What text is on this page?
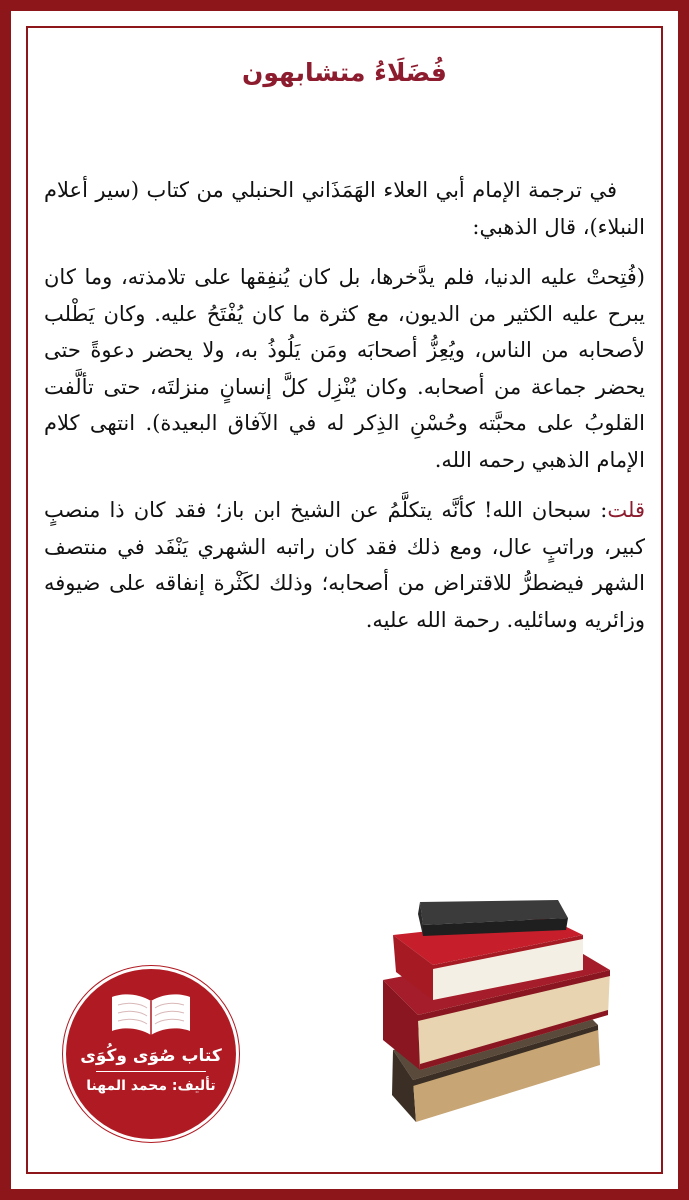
فُضَلَاءُ متشابهون

في ترجمة الإمام أبي العلاء الهَمَذَاني الحنبلي من كتاب (سير أعلام النبلاء)، قال الذهبي:

(فُتِحتْ عليه الدنيا، فلم يدَّخرها، بل كان يُنفِقها على تلامذته، وما كان يبرح عليه الكثير من الديون، مع كثرة ما كان يُفْتَحُ عليه. وكان يَطْلب لأصحابه من الناس، ويُعِزُّ أصحابَه ومَن يَلُوذُ به، ولا يحضر دعوةً حتى يحضر جماعة من أصحابه. وكان يُنْزِل كلَّ إنسانٍ منزلتَه، حتى تألَّفت القلوبُ على محبَّته وحُسْنِ الذِكر له في الآفاق البعيدة). انتهى كلام الإمام الذهبي رحمه الله.

قلت: سبحان الله! كأنَّه يتكلَّمُ عن الشيخ ابن باز؛ فقد كان ذا منصبٍ كبير، وراتبٍ عال، ومع ذلك فقد كان راتبه الشهري يَنْفَد في منتصف الشهر فيضطرُّ للاقتراض من أصحابه؛ وذلك لكَثْرة إنفاقه على ضيوفه وزائريه وسائليه. رحمة الله عليه.

كتاب صُوَى وكُوَى
تأليف: محمد المهنا
